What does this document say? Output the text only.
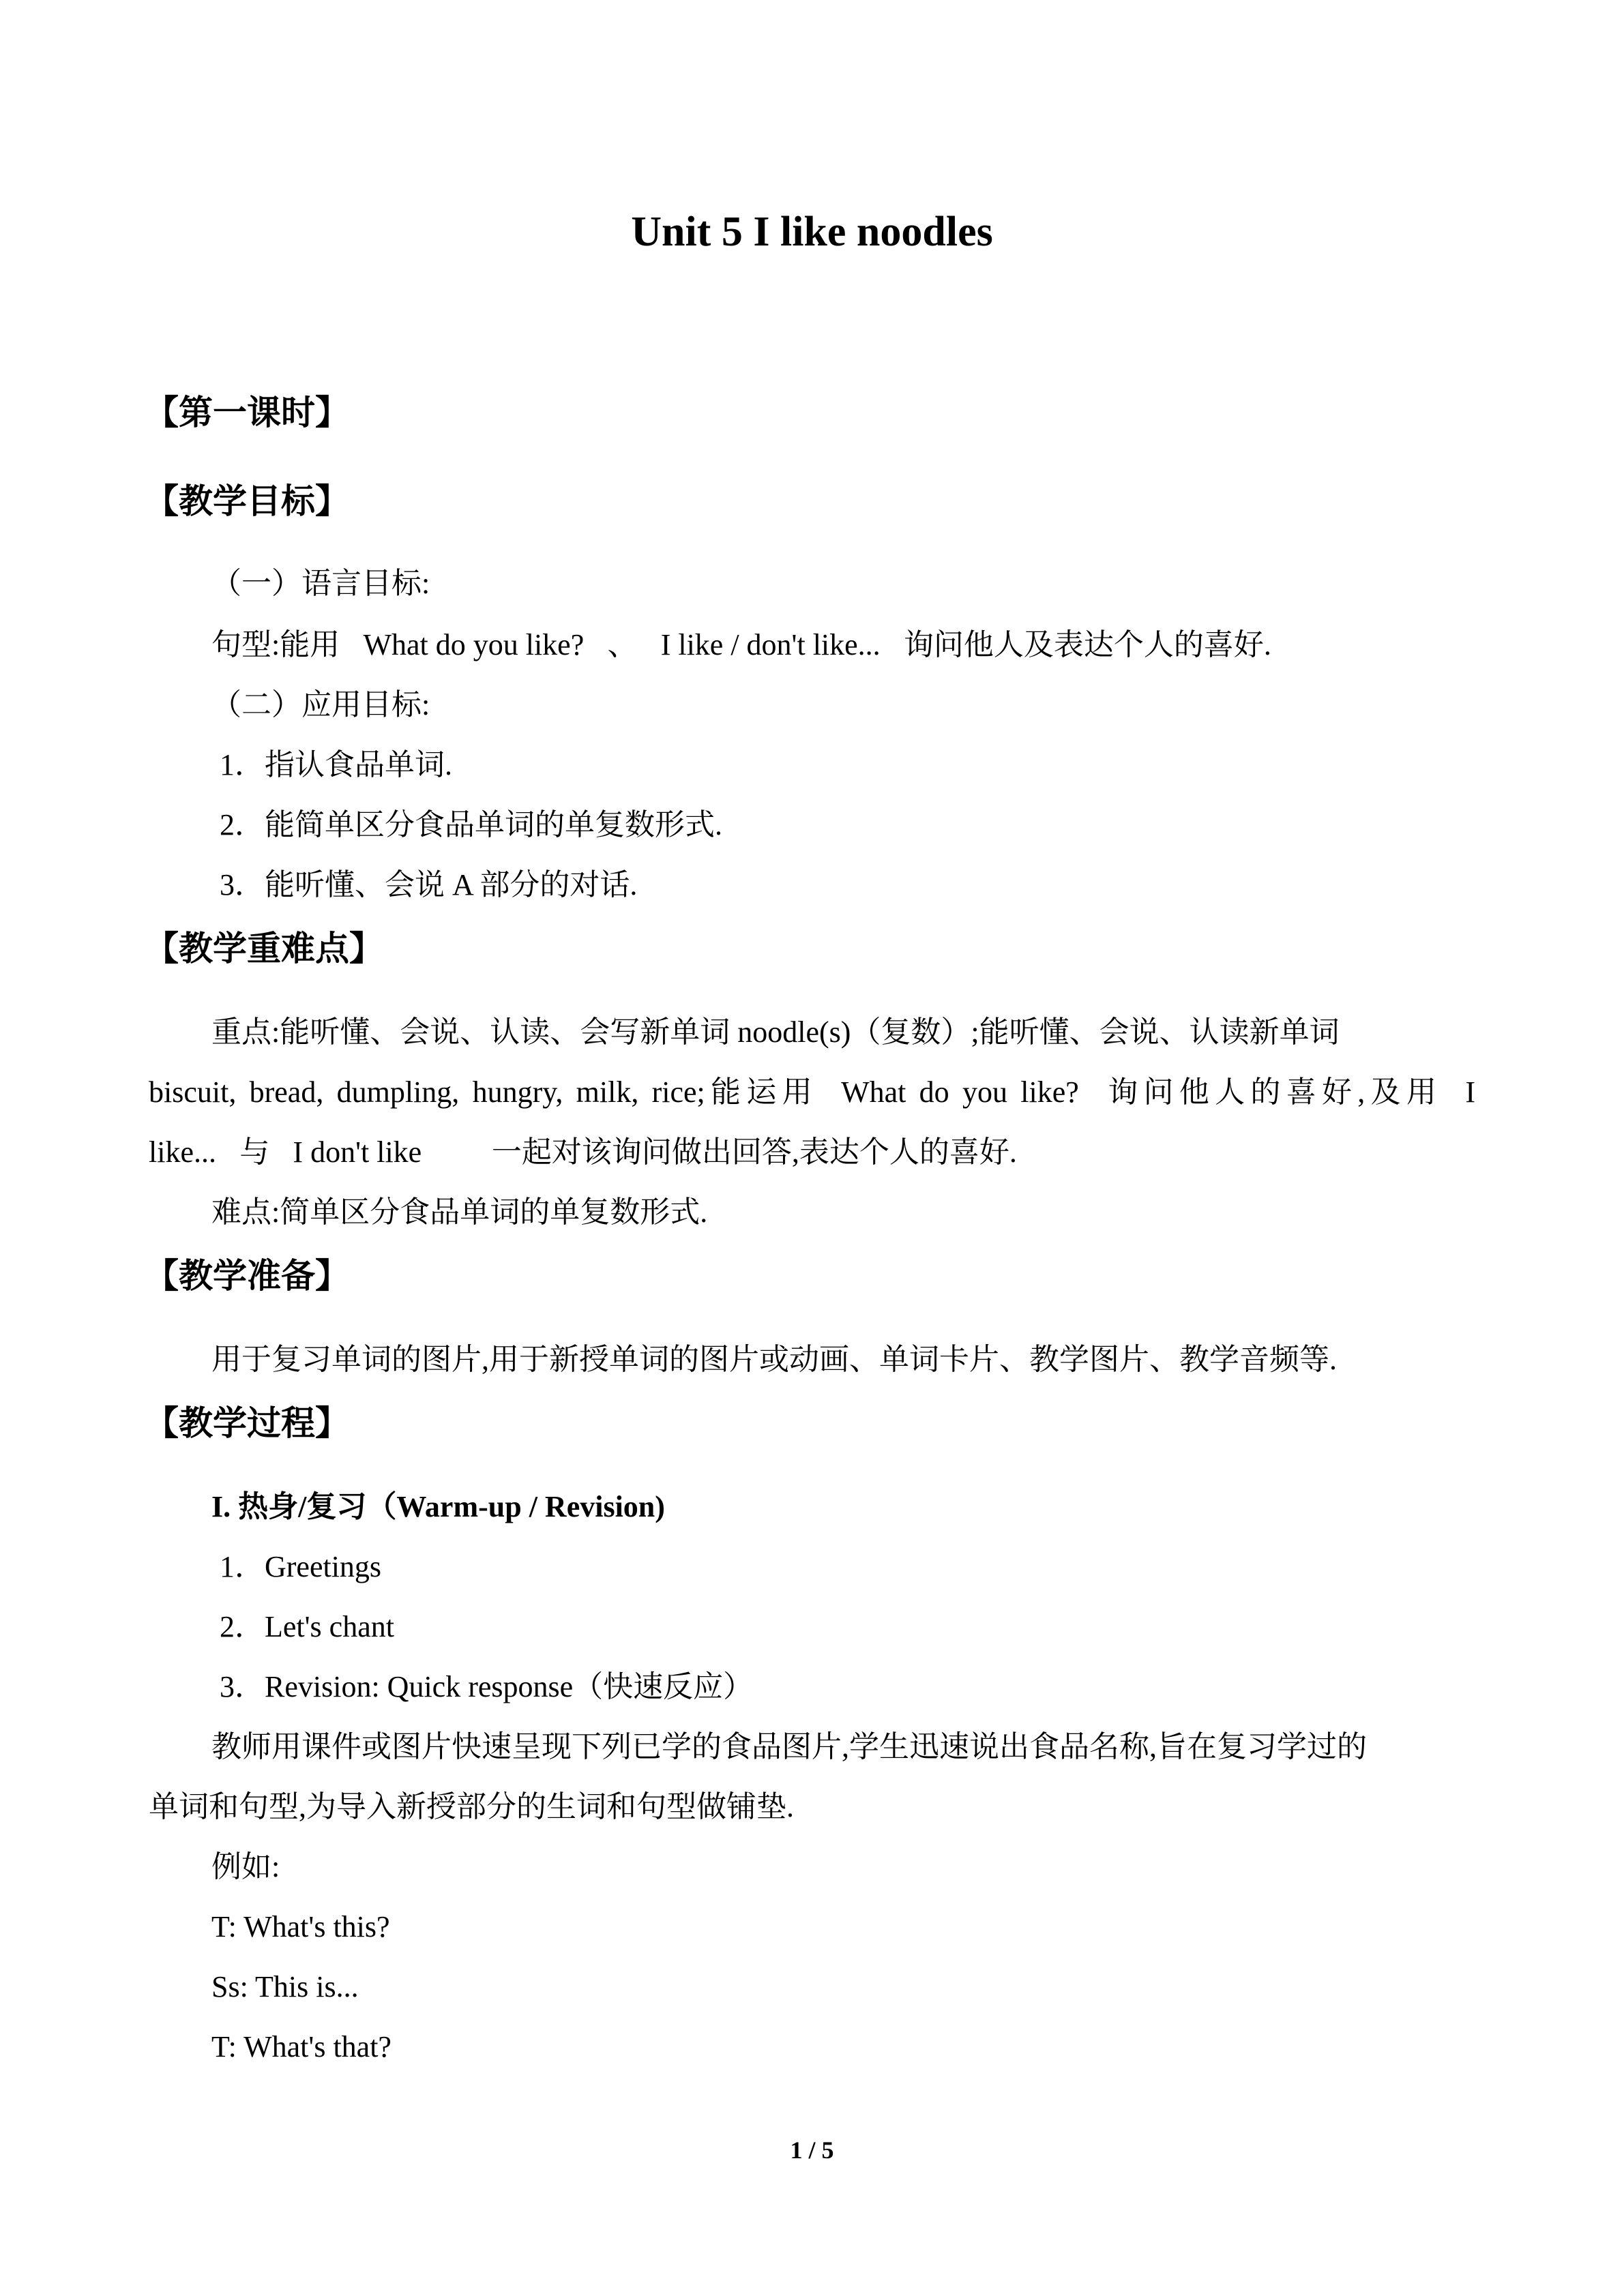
Unit 5 I like noodles
【第一课时】
【教学目标】
（一）语言目标:
句型:能用 What do you like? 、 I like / don't like... 询问他人及表达个人的喜好.
（二）应用目标:
1．指认食品单词.
2．能简单区分食品单词的单复数形式.
3．能听懂、会说 A 部分的对话.
【教学重难点】
重点:能听懂、会说、认读、会写新单词 noodle(s)（复数）;能听懂、会说、认读新单词
biscuit, bread, dumpling, hungry, milk, rice;能运用 What do you like? 询问他人的喜好,及用 I
like... 与 I don't like   一起对该询问做出回答,表达个人的喜好.
难点:简单区分食品单词的单复数形式.
【教学准备】
用于复习单词的图片,用于新授单词的图片或动画、单词卡片、教学图片、教学音频等.
【教学过程】
I. 热身/复习（Warm-up / Revision)
1．Greetings
2．Let's chant
3．Revision: Quick response（快速反应）
教师用课件或图片快速呈现下列已学的食品图片,学生迅速说出食品名称,旨在复习学过的
单词和句型,为导入新授部分的生词和句型做铺垫.
例如:
T: What's this?
Ss: This is...
T: What's that?
1 / 5
